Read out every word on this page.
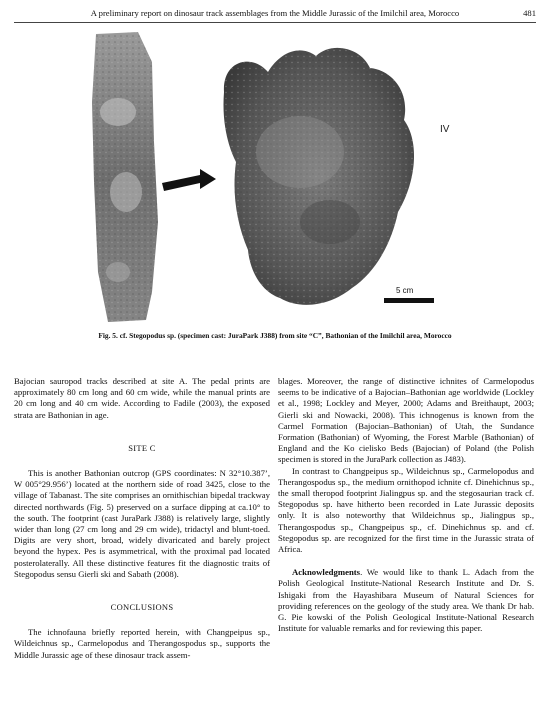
A preliminary report on dinosaur track assemblages from the Middle Jurassic of the Imilchil area, Morocco	481
IV
5 cm
Fig. 5. cf. Stegopodus sp. (specimen cast: JuraPark J388) from site “C”, Bathonian of the Imilchil area, Morocco

Bajocian sauropod tracks described at site A. The pedal prints are approximately 80 cm long and 60 cm wide, while the manual prints are 20 cm long and 40 cm wide. According to Fadile (2003), the exposed strata are Bathonian in age.

SITE C

This is another Bathonian outcrop (GPS coordinates: N 32°10.387’, W 005°29.956’) located at the northern side of road 3425, close to the village of Tabanast. The site comprises an ornithischian bipedal trackway directed northwards (Fig. 5) preserved on a surface dipping at ca.10° to the south. The footprint (cast JuraPark J388) is relatively large, slightly wider than long (27 cm long and 29 cm wide), tridactyl and blunt-toed. Digits are very short, broad, widely divaricated and barely project beyond the hypex. Pes is asymmetrical, with the proximal pad located posterolaterally. All these distinctive features fit the diagnostic traits of Stegopodus sensu Gierli ski and Sabath (2008).

CONCLUSIONS

The ichnofauna briefly reported herein, with Changpeipus sp., Wildeichnus sp., Carmelopodus and Therangospodus sp., supports the Middle Jurassic age of these dinosaur track assem-

blages. Moreover, the range of distinctive ichnites of Carmelopodus seems to be indicative of a Bajocian–Bathonian age worldwide (Lockley et al., 1998; Lockley and Meyer, 2000; Adams and Breithaupt, 2003; Gierli ski and Nowacki, 2008). This ichnogenus is known from the Carmel Formation (Bajocian–Bathonian) of Utah, the Sundance Formation (Bathonian) of Wyoming, the Forest Marble (Bathonian) of England and the Ko cielisko Beds (Bajocian) of Poland (the Polish specimen is stored in the JuraPark collection as J483).

In contrast to Changpeipus sp., Wildeichnus sp., Carmelopodus and Therangospodus sp., the medium ornithopod ichnite cf. Dinehichnus sp., the small theropod footprint Jialingpus sp. and the stegosaurian track cf. Stegopodus sp. have hitherto been recorded in Late Jurassic deposits only. It is also noteworthy that Wildeichnus sp., Jialingpus sp., Therangospodus sp., Changpeipus sp., cf. Dinehichnus sp. and cf. Stegopodus sp. are recognized for the first time in the Jurassic strata of Africa.

Acknowledgments. We would like to thank L. Adach from the Polish Geological Institute-National Research Institute and Dr. S. Ishigaki from the Hayashibara Museum of Natural Sciences for providing references on the geology of the study area. We thank Dr hab. G. Pie kowski of the Polish Geological Institute-National Research Institute for valuable remarks and for reviewing this paper.
